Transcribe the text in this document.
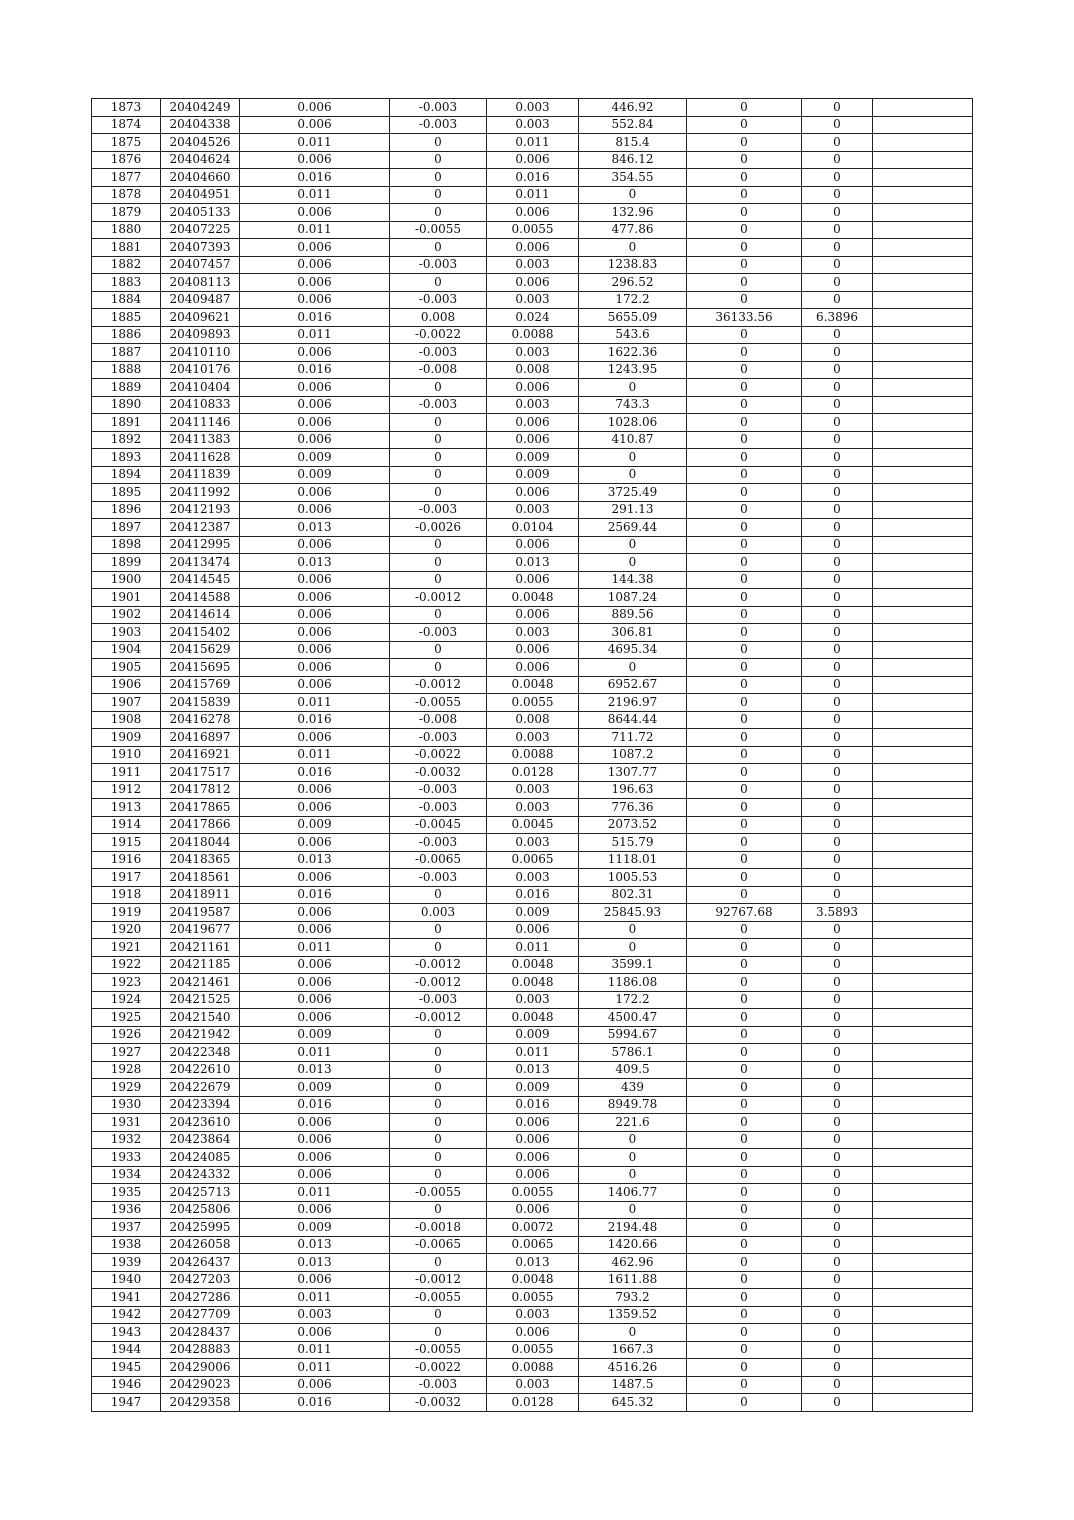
1873	20404249	0.006	-0.003	0.003	446.92	0	0	
1874	20404338	0.006	-0.003	0.003	552.84	0	0	
1875	20404526	0.011	0	0.011	815.4	0	0	
1876	20404624	0.006	0	0.006	846.12	0	0	
1877	20404660	0.016	0	0.016	354.55	0	0	
1878	20404951	0.011	0	0.011	0	0	0	
1879	20405133	0.006	0	0.006	132.96	0	0	
1880	20407225	0.011	-0.0055	0.0055	477.86	0	0	
1881	20407393	0.006	0	0.006	0	0	0	
1882	20407457	0.006	-0.003	0.003	1238.83	0	0	
1883	20408113	0.006	0	0.006	296.52	0	0	
1884	20409487	0.006	-0.003	0.003	172.2	0	0	
1885	20409621	0.016	0.008	0.024	5655.09	36133.56	6.3896	
1886	20409893	0.011	-0.0022	0.0088	543.6	0	0	
1887	20410110	0.006	-0.003	0.003	1622.36	0	0	
1888	20410176	0.016	-0.008	0.008	1243.95	0	0	
1889	20410404	0.006	0	0.006	0	0	0	
1890	20410833	0.006	-0.003	0.003	743.3	0	0	
1891	20411146	0.006	0	0.006	1028.06	0	0	
1892	20411383	0.006	0	0.006	410.87	0	0	
1893	20411628	0.009	0	0.009	0	0	0	
1894	20411839	0.009	0	0.009	0	0	0	
1895	20411992	0.006	0	0.006	3725.49	0	0	
1896	20412193	0.006	-0.003	0.003	291.13	0	0	
1897	20412387	0.013	-0.0026	0.0104	2569.44	0	0	
1898	20412995	0.006	0	0.006	0	0	0	
1899	20413474	0.013	0	0.013	0	0	0	
1900	20414545	0.006	0	0.006	144.38	0	0	
1901	20414588	0.006	-0.0012	0.0048	1087.24	0	0	
1902	20414614	0.006	0	0.006	889.56	0	0	
1903	20415402	0.006	-0.003	0.003	306.81	0	0	
1904	20415629	0.006	0	0.006	4695.34	0	0	
1905	20415695	0.006	0	0.006	0	0	0	
1906	20415769	0.006	-0.0012	0.0048	6952.67	0	0	
1907	20415839	0.011	-0.0055	0.0055	2196.97	0	0	
1908	20416278	0.016	-0.008	0.008	8644.44	0	0	
1909	20416897	0.006	-0.003	0.003	711.72	0	0	
1910	20416921	0.011	-0.0022	0.0088	1087.2	0	0	
1911	20417517	0.016	-0.0032	0.0128	1307.77	0	0	
1912	20417812	0.006	-0.003	0.003	196.63	0	0	
1913	20417865	0.006	-0.003	0.003	776.36	0	0	
1914	20417866	0.009	-0.0045	0.0045	2073.52	0	0	
1915	20418044	0.006	-0.003	0.003	515.79	0	0	
1916	20418365	0.013	-0.0065	0.0065	1118.01	0	0	
1917	20418561	0.006	-0.003	0.003	1005.53	0	0	
1918	20418911	0.016	0	0.016	802.31	0	0	
1919	20419587	0.006	0.003	0.009	25845.93	92767.68	3.5893	
1920	20419677	0.006	0	0.006	0	0	0	
1921	20421161	0.011	0	0.011	0	0	0	
1922	20421185	0.006	-0.0012	0.0048	3599.1	0	0	
1923	20421461	0.006	-0.0012	0.0048	1186.08	0	0	
1924	20421525	0.006	-0.003	0.003	172.2	0	0	
1925	20421540	0.006	-0.0012	0.0048	4500.47	0	0	
1926	20421942	0.009	0	0.009	5994.67	0	0	
1927	20422348	0.011	0	0.011	5786.1	0	0	
1928	20422610	0.013	0	0.013	409.5	0	0	
1929	20422679	0.009	0	0.009	439	0	0	
1930	20423394	0.016	0	0.016	8949.78	0	0	
1931	20423610	0.006	0	0.006	221.6	0	0	
1932	20423864	0.006	0	0.006	0	0	0	
1933	20424085	0.006	0	0.006	0	0	0	
1934	20424332	0.006	0	0.006	0	0	0	
1935	20425713	0.011	-0.0055	0.0055	1406.77	0	0	
1936	20425806	0.006	0	0.006	0	0	0	
1937	20425995	0.009	-0.0018	0.0072	2194.48	0	0	
1938	20426058	0.013	-0.0065	0.0065	1420.66	0	0	
1939	20426437	0.013	0	0.013	462.96	0	0	
1940	20427203	0.006	-0.0012	0.0048	1611.88	0	0	
1941	20427286	0.011	-0.0055	0.0055	793.2	0	0	
1942	20427709	0.003	0	0.003	1359.52	0	0	
1943	20428437	0.006	0	0.006	0	0	0	
1944	20428883	0.011	-0.0055	0.0055	1667.3	0	0	
1945	20429006	0.011	-0.0022	0.0088	4516.26	0	0	
1946	20429023	0.006	-0.003	0.003	1487.5	0	0	
1947	20429358	0.016	-0.0032	0.0128	645.32	0	0	
